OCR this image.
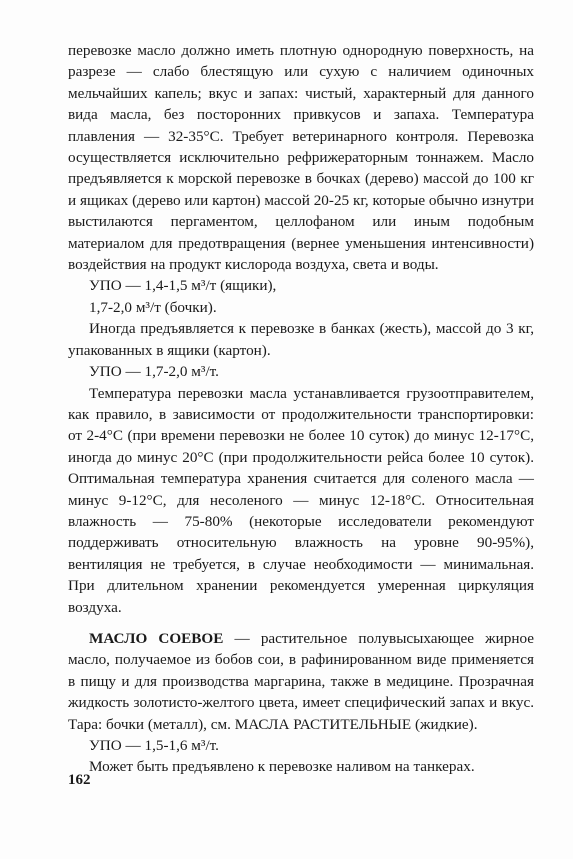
перевозке масло должно иметь плотную однородную поверхность, на разрезе — слабо блестящую или сухую с наличием одиночных мельчайших капель; вкус и запах: чистый, характерный для данного вида масла, без посторонних привкусов и запаха. Температура плавления — 32-35°С. Требует ветеринарного контроля. Перевозка осуществляется исключительно рефрижераторным тоннажем. Масло предъявляется к морской перевозке в бочках (дерево) массой до 100 кг и ящиках (дерево или картон) массой 20-25 кг, которые обычно изнутри выстилаются пергаментом, целлофаном или иным подобным материалом для предотвращения (вернее уменьшения интенсивности) воздействия на продукт кислорода воздуха, света и воды.

УПО — 1,4-1,5 м³/т (ящики),

1,7-2,0 м³/т (бочки).

Иногда предъявляется к перевозке в банках (жесть), массой до 3 кг, упакованных в ящики (картон).

УПО — 1,7-2,0 м³/т.

Температура перевозки масла устанавливается грузоотправителем, как правило, в зависимости от продолжительности транспортировки: от 2-4°С (при времени перевозки не более 10 суток) до минус 12-17°С, иногда до минус 20°С (при продолжительности рейса более 10 суток). Оптимальная температура хранения считается для соленого масла — минус 9-12°С, для несоленого — минус 12-18°С. Относительная влажность — 75-80% (некоторые исследователи рекомендуют поддерживать относительную влажность на уровне 90-95%), вентиляция не требуется, в случае необходимости — минимальная. При длительном хранении рекомендуется умеренная циркуляция воздуха.

МАСЛО СОЕВОЕ — растительное полувысыхающее жирное масло, получаемое из бобов сои, в рафинированном виде применяется в пищу и для производства маргарина, также в медицине. Прозрачная жидкость золотисто-желтого цвета, имеет специфический запах и вкус. Тара: бочки (металл), см. МАСЛА РАСТИТЕЛЬНЫЕ (жидкие).

УПО — 1,5-1,6 м³/т.

Может быть предъявлено к перевозке наливом на танкерах.

162
